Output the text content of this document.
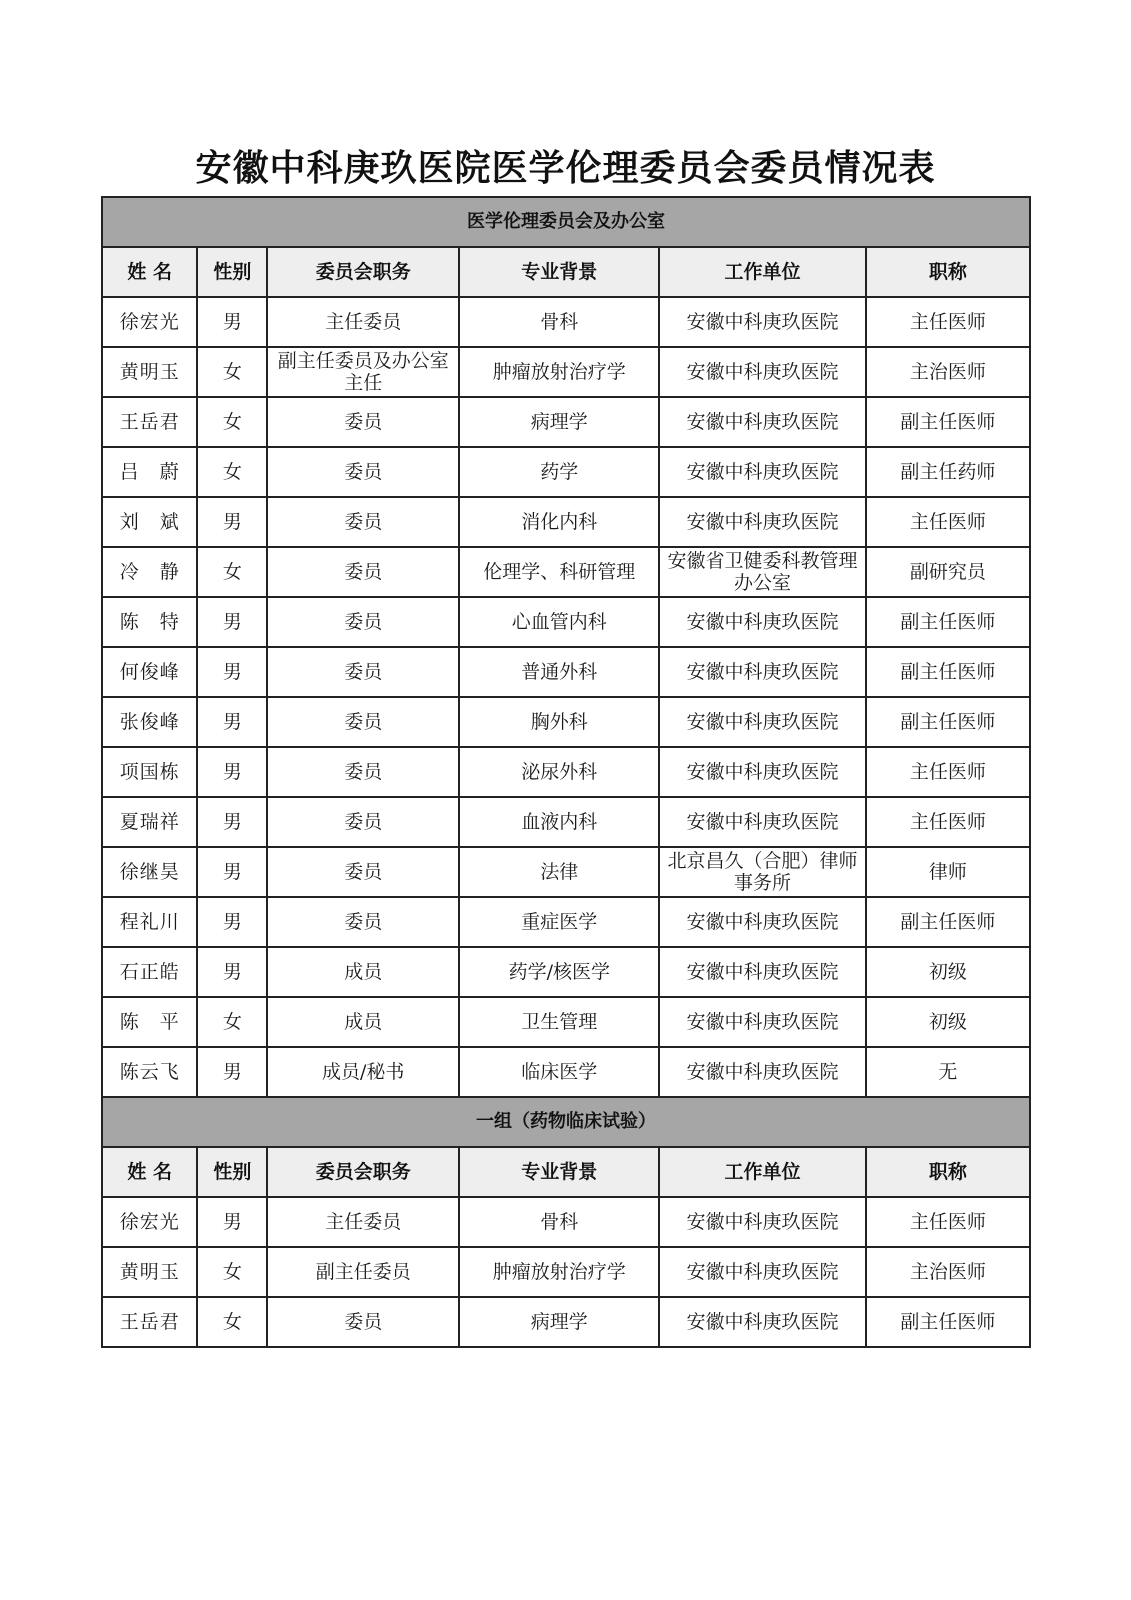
安徽中科庚玖医院医学伦理委员会委员情况表
医学伦理委员会及办公室					
姓 名	性别	委员会职务	专业背景	工作单位	职称
徐宏光	男	主任委员	骨科	安徽中科庚玖医院	主任医师
黄明玉	女	副主任委员及办公室主任	肿瘤放射治疗学	安徽中科庚玖医院	主治医师
王岳君	女	委员	病理学	安徽中科庚玖医院	副主任医师
吕　蔚	女	委员	药学	安徽中科庚玖医院	副主任药师
刘　斌	男	委员	消化内科	安徽中科庚玖医院	主任医师
冷　静	女	委员	伦理学、科研管理	安徽省卫健委科教管理办公室	副研究员
陈　特	男	委员	心血管内科	安徽中科庚玖医院	副主任医师
何俊峰	男	委员	普通外科	安徽中科庚玖医院	副主任医师
张俊峰	男	委员	胸外科	安徽中科庚玖医院	副主任医师
项国栋	男	委员	泌尿外科	安徽中科庚玖医院	主任医师
夏瑞祥	男	委员	血液内科	安徽中科庚玖医院	主任医师
徐继昊	男	委员	法律	北京昌久（合肥）律师事务所	律师
程礼川	男	委员	重症医学	安徽中科庚玖医院	副主任医师
石正皓	男	成员	药学/核医学	安徽中科庚玖医院	初级
陈　平	女	成员	卫生管理	安徽中科庚玖医院	初级
陈云飞	男	成员/秘书	临床医学	安徽中科庚玖医院	无
一组（药物临床试验）					
姓 名	性别	委员会职务	专业背景	工作单位	职称
徐宏光	男	主任委员	骨科	安徽中科庚玖医院	主任医师
黄明玉	女	副主任委员	肿瘤放射治疗学	安徽中科庚玖医院	主治医师
王岳君	女	委员	病理学	安徽中科庚玖医院	副主任医师
